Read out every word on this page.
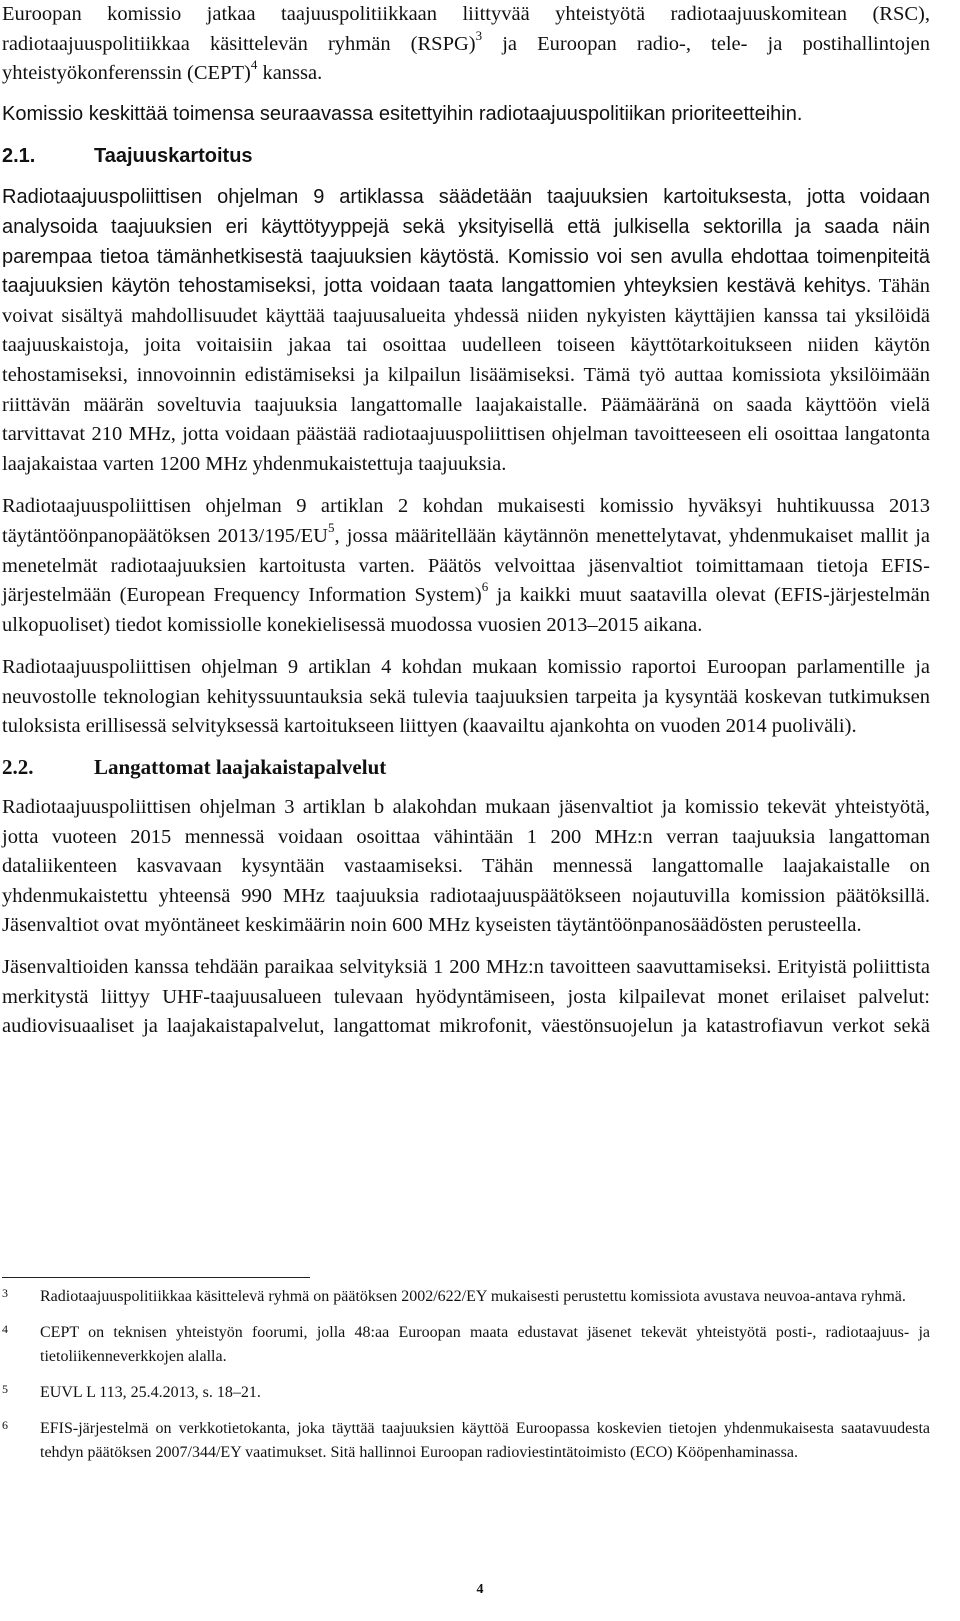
Euroopan komissio jatkaa taajuuspolitiikkaan liittyvää yhteistyötä radiotaajuuskomitean (RSC), radiotaajuuspolitiikkaa käsittelevän ryhmän (RSPG)$^3$ ja Euroopan radio-, tele- ja postihallintojen yhteistyökonferenssin (CEPT)$^4$ kanssa.

Komissio keskittää toimensa seuraavassa esitettyihin radiotaajuuspolitiikan prioriteetteihin.

2.1.	Taajuuskartoitus

Radiotaajuuspoliittisen ohjelman 9 artiklassa säädetään taajuuksien kartoituksesta, jotta voidaan analysoida taajuuksien eri käyttötyyppejä sekä yksityisellä että julkisella sektorilla ja saada näin parempaa tietoa tämänhetkisestä taajuuksien käytöstä. Komissio voi sen avulla ehdottaa toimenpiteitä taajuuksien käytön tehostamiseksi, jotta voidaan taata langattomien yhteyksien kestävä kehitys. Tähän voivat sisältyä mahdollisuudet käyttää taajuusalueita yhdessä niiden nykyisten käyttäjien kanssa tai yksilöidä taajuuskaistoja, joita voitaisiin jakaa tai osoittaa uudelleen toiseen käyttötarkoitukseen niiden käytön tehostamiseksi, innovoinnin edistämiseksi ja kilpailun lisäämiseksi. Tämä työ auttaa komissiota yksilöimään riittävän määrän soveltuvia taajuuksia langattomalle laajakaistalle. Päämääränä on saada käyttöön vielä tarvittavat 210 MHz, jotta voidaan päästää radiotaajuuspoliittisen ohjelman tavoitteeseen eli osoittaa langatonta laajakaistaa varten 1200 MHz yhdenmukaistettuja taajuuksia.

Radiotaajuuspoliittisen ohjelman 9 artiklan 2 kohdan mukaisesti komissio hyväksyi huhtikuussa 2013 täytäntöönpanopäätöksen $2013/195/EU^5$, jossa määritellään käytännön menettelytavat, yhdenmukaiset mallit ja menetelmät radiotaajuuksien kartoitusta varten. Päätös velvoittaa jäsenvaltiot toimittamaan tietoja EFIS-järjestelmään (European Frequency Information System)$^6$ ja kaikki muut saatavilla olevat (EFIS-järjestelmän ulkopuoliset) tiedot komissiolle konekielisessä muodossa vuosien 2013–2015 aikana.

Radiotaajuuspoliittisen ohjelman 9 artiklan 4 kohdan mukaan komissio raportoi Euroopan parlamentille ja neuvostolle teknologian kehityssuuntauksia sekä tulevia taajuuksien tarpeita ja kysyntää koskevan tutkimuksen tuloksista erillisessä selvityksessä kartoitukseen liittyen (kaavailtu ajankohta on vuoden 2014 puoliväli).

2.2.	Langattomat laajakaistapalvelut

Radiotaajuuspoliittisen ohjelman 3 artiklan b alakohdan mukaan jäsenvaltiot ja komissio tekevät yhteistyötä, jotta vuoteen 2015 mennessä voidaan osoittaa vähintään 1 200 MHz:n verran taajuuksia langattoman dataliikenteen kasvavaan kysyntään vastaamiseksi. Tähän mennessä langattomalle laajakaistalle on yhdenmukaistettu yhteensä 990 MHz taajuuksia radiotaajuuspäätökseen nojautuvilla komission päätöksillä. Jäsenvaltiot ovat myöntäneet keskimäärin noin 600 MHz kyseisten täytäntöönpanosäädösten perusteella.

Jäsenvaltioiden kanssa tehdään paraikaa selvityksiä 1 200 MHz:n tavoitteen saavuttamiseksi. Erityistä poliittista merkitystä liittyy UHF-taajuusalueen tulevaan hyödyntämiseen, josta kilpailevat monet erilaiset palvelut: audiovisuaaliset ja laajakaistapalvelut, langattomat mikrofonit, väestönsuojelun ja katastrofiavun verkot sekä

3	Radiotaajuuspolitiikkaa käsittelevä ryhmä on päätöksen 2002/622/EY mukaisesti perustettu komissiota avustava neuvoa-antava ryhmä.
4	CEPT on teknisen yhteistyön foorumi, jolla 48:aa Euroopan maata edustavat jäsenet tekevät yhteistyötä posti-, radiotaajuus- ja tietoliikenneverkkojen alalla.
5	EUVL L 113, 25.4.2013, s. 18–21.
6	EFIS-järjestelmä on verkkotietokanta, joka täyttää taajuuksien käyttöä Euroopassa koskevien tietojen yhdenmukaisesta saatavuudesta tehdyn päätöksen 2007/344/EY vaatimukset. Sitä hallinnoi Euroopan radioviestintätoimisto (ECO) Kööpenhaminassa.
4
